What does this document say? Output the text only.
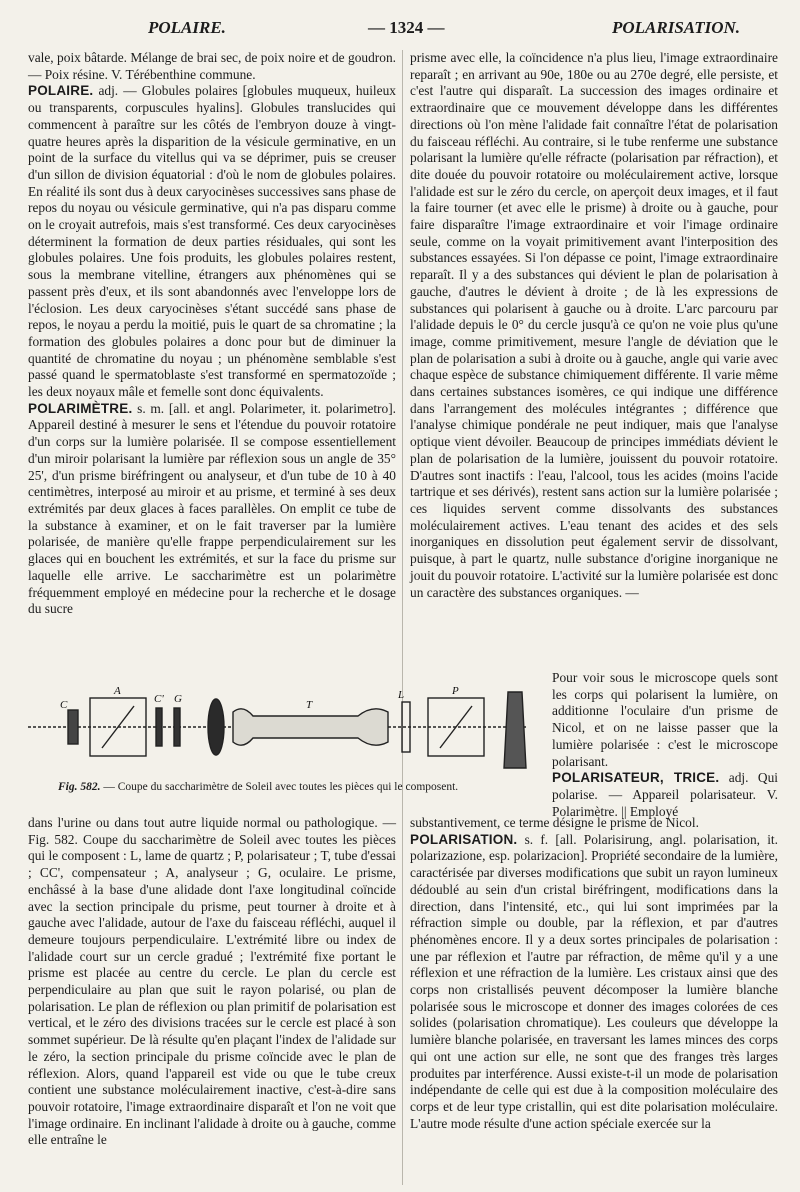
POLAIRE.	— 1324 —	POLARISATION.

vale, poix bâtarde. Mélange de brai sec, de poix noire et de goudron. — Poix résine. V. Térébenthine commune.

POLAIRE. adj. — Globules polaires [globules muqueux, huileux ou transparents, corpuscules hyalins]. Globules translucides qui commencent à paraître sur les côtés de l'embryon douze à vingt-quatre heures après la disparition de la vésicule germinative, en un point de la surface du vitellus qui va se déprimer, puis se creuser d'un sillon de division équatorial : d'où le nom de globules polaires. En réalité ils sont dus à deux caryocinèses successives sans phase de repos du noyau ou vésicule germinative, qui n'a pas disparu comme on le croyait autrefois, mais s'est transformé. Ces deux caryocinèses déterminent la formation de deux parties résiduales, qui sont les globules polaires. Une fois produits, les globules polaires restent, sous la membrane vitelline, étrangers aux phénomènes qui se passent près d'eux, et ils sont abandonnés avec l'enveloppe lors de l'éclosion. Les deux caryocinèses s'étant succédé sans phase de repos, le noyau a perdu la moitié, puis le quart de sa chromatine ; la formation des globules polaires a donc pour but de diminuer la quantité de chromatine du noyau ; un phénomène semblable s'est passé quand le spermatoblaste s'est transformé en spermatozoïde ; les deux noyaux mâle et femelle sont donc équivalents.

POLARIMÈTRE. s. m. [all. et angl. Polarimeter, it. polarimetro]. Appareil destiné à mesurer le sens et l'étendue du pouvoir rotatoire d'un corps sur la lumière polarisée. Il se compose essentiellement d'un miroir polarisant la lumière par réflexion sous un angle de 35° 25', d'un prisme biréfringent ou analyseur, et d'un tube de 10 à 40 centimètres, interposé au miroir et au prisme, et terminé à ses deux extrémités par deux glaces à faces parallèles. On emplit ce tube de la substance à examiner, et on le fait traverser par la lumière polarisée, de manière qu'elle frappe perpendiculairement sur les glaces qui en bouchent les extrémités, et sur la face du prisme sur laquelle elle arrive. Le saccharimètre est un polarimètre fréquemment employé en médecine pour la recherche et le dosage du sucre

prisme avec elle, la coïncidence n'a plus lieu, l'image extraordinaire reparaît ; en arrivant au 90e, 180e ou au 270e degré, elle persiste, et c'est l'autre qui disparaît. La succession des images ordinaire et extraordinaire que ce mouvement développe dans les différentes directions où l'on mène l'alidade fait connaître l'état de polarisation du faisceau réfléchi. Au contraire, si le tube renferme une substance polarisant la lumière qu'elle réfracte (polarisation par réfraction), et dite douée du pouvoir rotatoire ou moléculairement active, lorsque l'alidade est sur le zéro du cercle, on aperçoit deux images, et il faut la faire tourner (et avec elle le prisme) à droite ou à gauche, pour faire disparaître l'image extraordinaire et voir l'image ordinaire seule, comme on la voyait primitivement avant l'interposition des substances essayées. Si l'on dépasse ce point, l'image extraordinaire reparaît. Il y a des substances qui dévient le plan de polarisation à gauche, d'autres le dévient à droite ; de là les expressions de substances qui polarisent à gauche ou à droite. L'arc parcouru par l'alidade depuis le 0° du cercle jusqu'à ce qu'on ne voie plus qu'une image, comme primitivement, mesure l'angle de déviation que le plan de polarisation a subi à droite ou à gauche, angle qui varie avec chaque espèce de substance chimiquement différente. Il varie même dans certaines substances isomères, ce qui indique une différence dans l'arrangement des molécules intégrantes ; différence que l'analyse chimique pondérale ne peut indiquer, mais que l'analyse optique vient dévoiler. Beaucoup de principes immédiats dévient le plan de polarisation de la lumière, jouissent du pouvoir rotatoire. D'autres sont inactifs : l'eau, l'alcool, tous les acides (moins l'acide tartrique et ses dérivés), restent sans action sur la lumière polarisée ; ces liquides servent comme dissolvants des substances moléculairement actives. L'eau tenant des acides et des sels inorganiques en dissolution peut également servir de dissolvant, puisque, à part le quartz, nulle substance d'origine inorganique ne jouit du pouvoir rotatoire. L'activité sur la lumière polarisée est donc un caractère des substances organiques. —

Pour voir sous le microscope quels sont les corps qui polarisent la lumière, on additionne l'oculaire d'un prisme de Nicol, et on ne laisse passer que la lumière polarisée : c'est le microscope polarisant.

POLARISATEUR, TRICE. adj. Qui polarise. — Appareil polarisateur. V. Polarimètre. || Employé

C
A
C' G	T
L	P
Fig. 582. — Coupe du saccharimètre de Soleil avec toutes les pièces qui le composent.

dans l'urine ou dans tout autre liquide normal ou pathologique. — Fig. 582. Coupe du saccharimètre de Soleil avec toutes les pièces qui le composent : L, lame de quartz ; P, polarisateur ; T, tube d'essai ; CC', compensateur ; A, analyseur ; G, oculaire. Le prisme, enchâssé à la base d'une alidade dont l'axe longitudinal coïncide avec la section principale du prisme, peut tourner à droite et à gauche avec l'alidade, autour de l'axe du faisceau réfléchi, auquel il demeure toujours perpendiculaire. L'extrémité libre ou index de l'alidade court sur un cercle gradué ; l'extrémité fixe portant le prisme est placée au centre du cercle. Le plan du cercle est perpendiculaire au plan que suit le rayon polarisé, ou plan de polarisation. Le plan de réflexion ou plan primitif de polarisation est vertical, et le zéro des divisions tracées sur le cercle est placé à son sommet supérieur. De là résulte qu'en plaçant l'index de l'alidade sur le zéro, la section principale du prisme coïncide avec le plan de réflexion. Alors, quand l'appareil est vide ou que le tube creux contient une substance moléculairement inactive, c'est-à-dire sans pouvoir rotatoire, l'image extraordinaire disparaît et l'on ne voit que l'image ordinaire. En inclinant l'alidade à droite ou à gauche, comme elle entraîne le

substantivement, ce terme désigne le prisme de Nicol.

POLARISATION. s. f. [all. Polarisirung, angl. polarisation, it. polarizazione, esp. polarizacion]. Propriété secondaire de la lumière, caractérisée par diverses modifications que subit un rayon lumineux dédoublé au sein d'un cristal biréfringent, modifications dans la direction, dans l'intensité, etc., qui lui sont imprimées par la réfraction simple ou double, par la réflexion, et par d'autres phénomènes encore. Il y a deux sortes principales de polarisation : une par réflexion et l'autre par réfraction, de même qu'il y a une réflexion et une réfraction de la lumière. Les cristaux ainsi que des corps non cristallisés peuvent décomposer la lumière blanche polarisée sous le microscope et donner des images colorées de ces solides (polarisation chromatique). Les couleurs que développe la lumière blanche polarisée, en traversant les lames minces des corps qui ont une action sur elle, ne sont que des franges très larges produites par interférence. Aussi existe-t-il un mode de polarisation indépendante de celle qui est due à la composition moléculaire des corps et de leur type cristallin, qui est dite polarisation moléculaire. L'autre mode résulte d'une action spéciale exercée sur la
